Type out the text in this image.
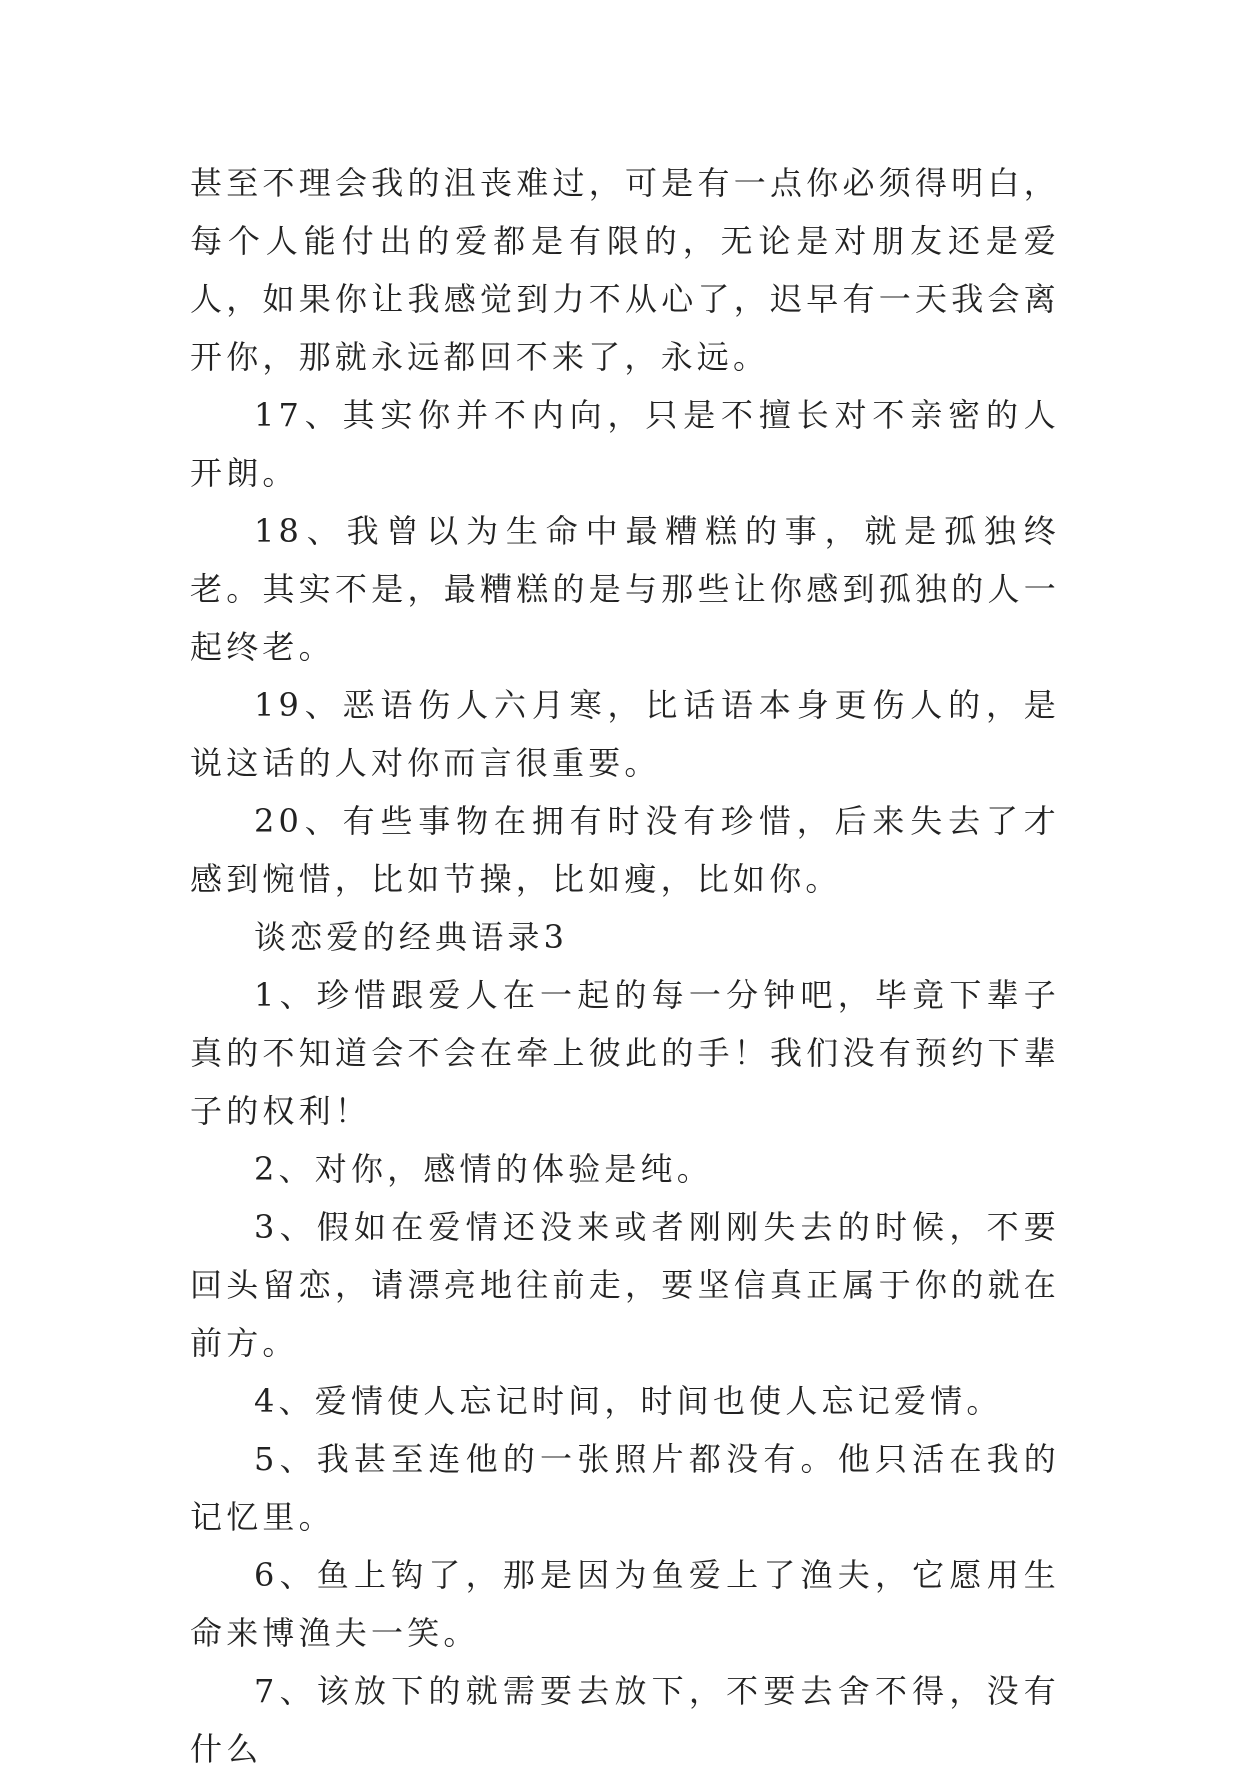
甚至不理会我的沮丧难过，可是有一点你必须得明白，每个人能付出的爱都是有限的，无论是对朋友还是爱人，如果你让我感觉到力不从心了，迟早有一天我会离开你，那就永远都回不来了，永远。

17、其实你并不内向，只是不擅长对不亲密的人开朗。

18、我曾以为生命中最糟糕的事，就是孤独终老。其实不是，最糟糕的是与那些让你感到孤独的人一起终老。

19、恶语伤人六月寒，比话语本身更伤人的，是说这话的人对你而言很重要。

20、有些事物在拥有时没有珍惜，后来失去了才感到惋惜，比如节操，比如瘦，比如你。

谈恋爱的经典语录3

1、珍惜跟爱人在一起的每一分钟吧，毕竟下辈子真的不知道会不会在牵上彼此的手！我们没有预约下辈子的权利！

2、对你，感情的体验是纯。

3、假如在爱情还没来或者刚刚失去的时候，不要回头留恋，请漂亮地往前走，要坚信真正属于你的就在前方。

4、爱情使人忘记时间，时间也使人忘记爱情。

5、我甚至连他的一张照片都没有。他只活在我的记忆里。

6、鱼上钩了，那是因为鱼爱上了渔夫，它愿用生命来博渔夫一笑。

7、该放下的就需要去放下，不要去舍不得，没有什么
